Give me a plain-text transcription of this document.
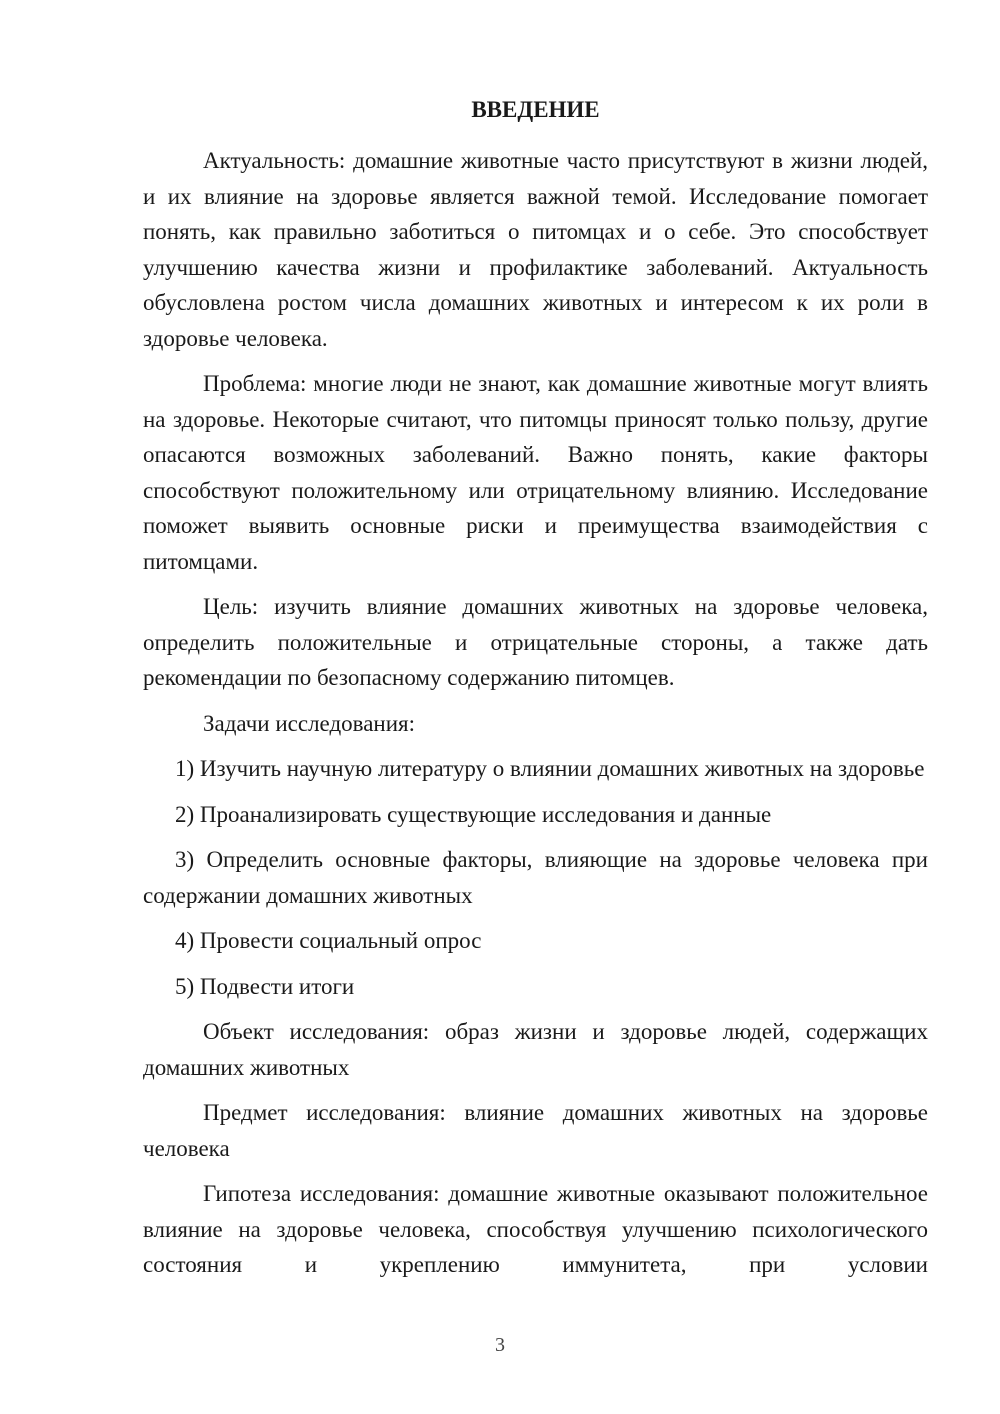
ВВЕДЕНИЕ

Актуальность: домашние животные часто присутствуют в жизни людей, и их влияние на здоровье является важной темой. Исследование помогает понять, как правильно заботиться о питомцах и о себе. Это способствует улучшению качества жизни и профилактике заболеваний. Актуальность обусловлена ростом числа домашних животных и интересом к их роли в здоровье человека.

Проблема: многие люди не знают, как домашние животные могут влиять на здоровье. Некоторые считают, что питомцы приносят только пользу, другие опасаются возможных заболеваний. Важно понять, какие факторы способствуют положительному или отрицательному влиянию. Исследование поможет выявить основные риски и преимущества взаимодействия с питомцами.

Цель: изучить влияние домашних животных на здоровье человека, определить положительные и отрицательные стороны, а также дать рекомендации по безопасному содержанию питомцев.

Задачи исследования:

1) Изучить научную литературу о влиянии домашних животных на здоровье

2) Проанализировать существующие исследования и данные

3) Определить основные факторы, влияющие на здоровье человека при содержании домашних животных

4) Провести социальный опрос

5) Подвести итоги

Объект исследования: образ жизни и здоровье людей, содержащих домашних животных

Предмет исследования: влияние домашних животных на здоровье человека

Гипотеза исследования: домашние животные оказывают положительное влияние на здоровье человека, способствуя улучшению психологического состояния и укреплению иммунитета, при условии

3
